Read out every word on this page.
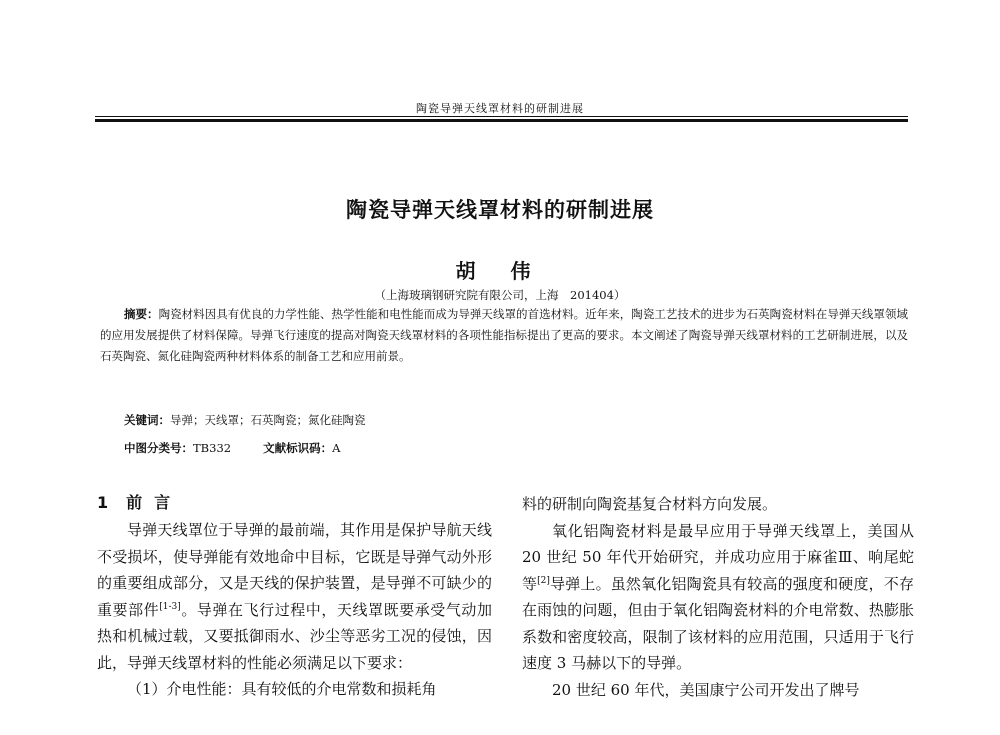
陶瓷导弹天线罩材料的研制进展
陶瓷导弹天线罩材料的研制进展
胡 伟
（上海玻璃钢研究院有限公司，上海　201404）
摘要：陶瓷材料因具有优良的力学性能、热学性能和电性能而成为导弹天线罩的首选材料。近年来，陶瓷工艺技术的进步为石英陶瓷材料在导弹天线罩领域的应用发展提供了材料保障。导弹飞行速度的提高对陶瓷天线罩材料的各项性能指标提出了更高的要求。本文阐述了陶瓷导弹天线罩材料的工艺研制进展，以及石英陶瓷、氮化硅陶瓷两种材料体系的制备工艺和应用前景。
关键词：导弹；天线罩；石英陶瓷；氮化硅陶瓷
中图分类号：TB332	文献标识码：A
1 前言

导弹天线罩位于导弹的最前端，其作用是保护导航天线不受损坏，使导弹能有效地命中目标，它既是导弹气动外形的重要组成部分，又是天线的保护装置，是导弹不可缺少的重要部件[1-3]。导弹在飞行过程中，天线罩既要承受气动加热和机械过载，又要抵御雨水、沙尘等恶劣工况的侵蚀，因此，导弹天线罩材料的性能必须满足以下要求：

（1）介电性能：具有较低的介电常数和损耗角

料的研制向陶瓷基复合材料方向发展。

氧化铝陶瓷材料是最早应用于导弹天线罩上，美国从 20 世纪 50 年代开始研究，并成功应用于麻雀Ⅲ、响尾蛇等[2]导弹上。虽然氧化铝陶瓷具有较高的强度和硬度，不存在雨蚀的问题，但由于氧化铝陶瓷材料的介电常数、热膨胀系数和密度较高，限制了该材料的应用范围，只适用于飞行速度 3 马赫以下的导弹。

20 世纪 60 年代，美国康宁公司开发出了牌号
